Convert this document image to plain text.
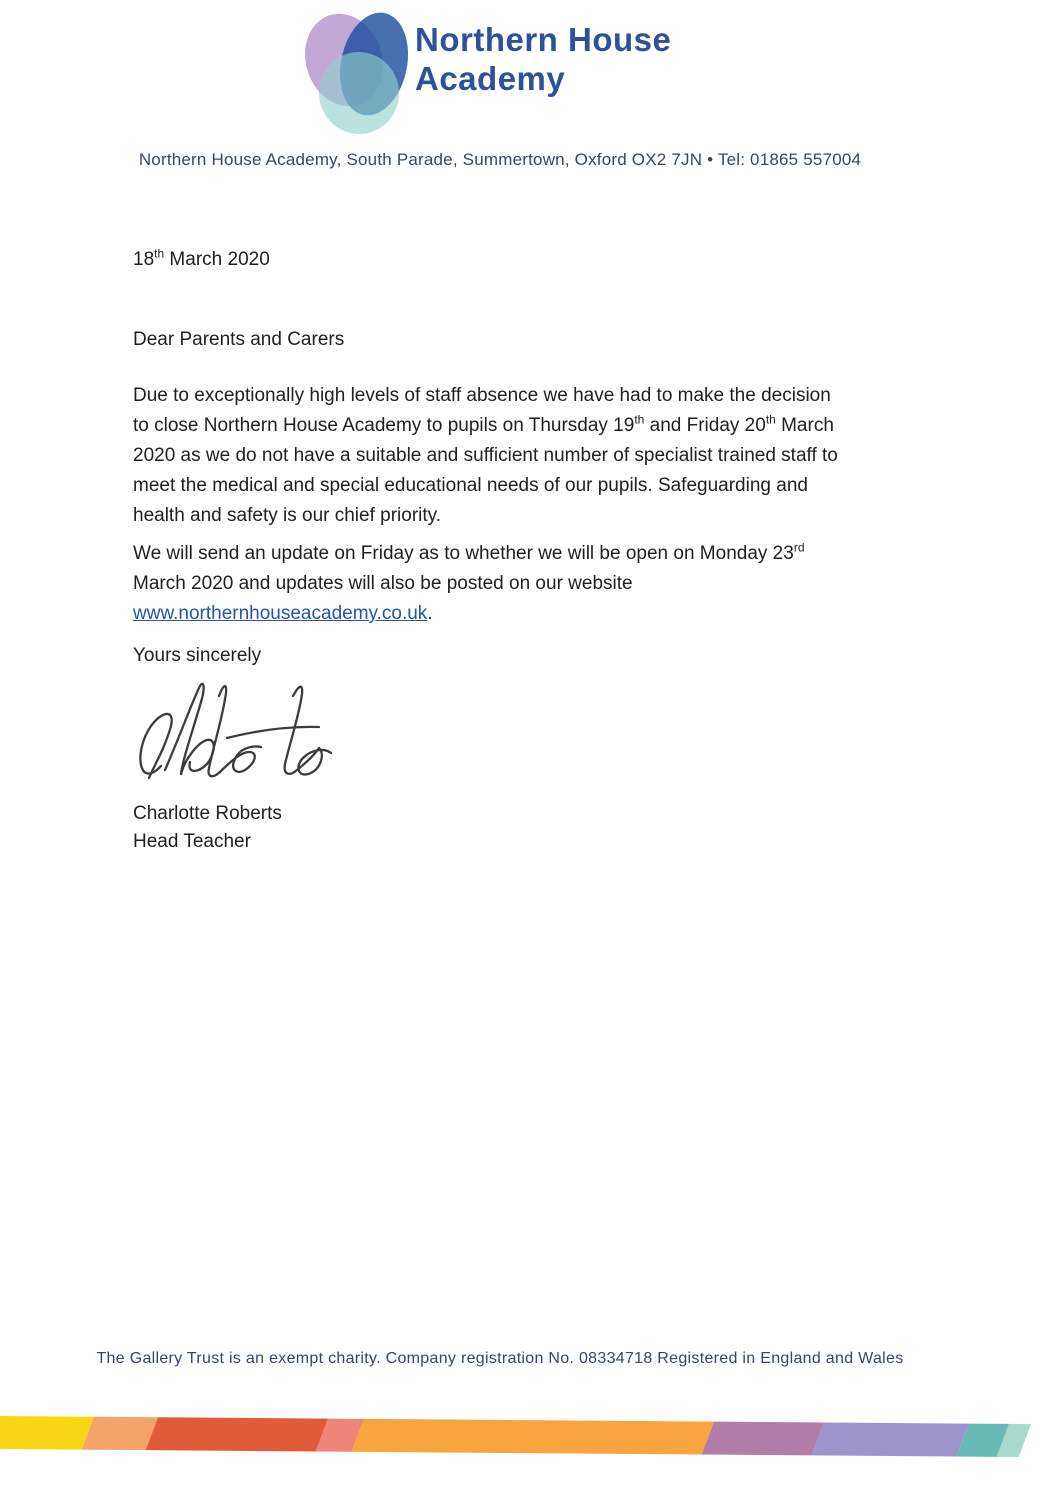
Northern House
Academy
Northern House Academy, South Parade, Summertown, Oxford OX2 7JN • Tel: 01865 557004
18th March 2020
Dear Parents and Carers
Due to exceptionally high levels of staff absence we have had to make the decision
to close Northern House Academy to pupils on Thursday 19th and Friday 20th March
2020 as we do not have a suitable and sufficient number of specialist trained staff to
meet the medical and special educational needs of our pupils. Safeguarding and
health and safety is our chief priority.
We will send an update on Friday as to whether we will be open on Monday 23rd
March 2020 and updates will also be posted on our website
www.northernhouseacademy.co.uk.
Yours sincerely
Charlotte Roberts
Head Teacher
The Gallery Trust is an exempt charity. Company registration No. 08334718 Registered in England and Wales
